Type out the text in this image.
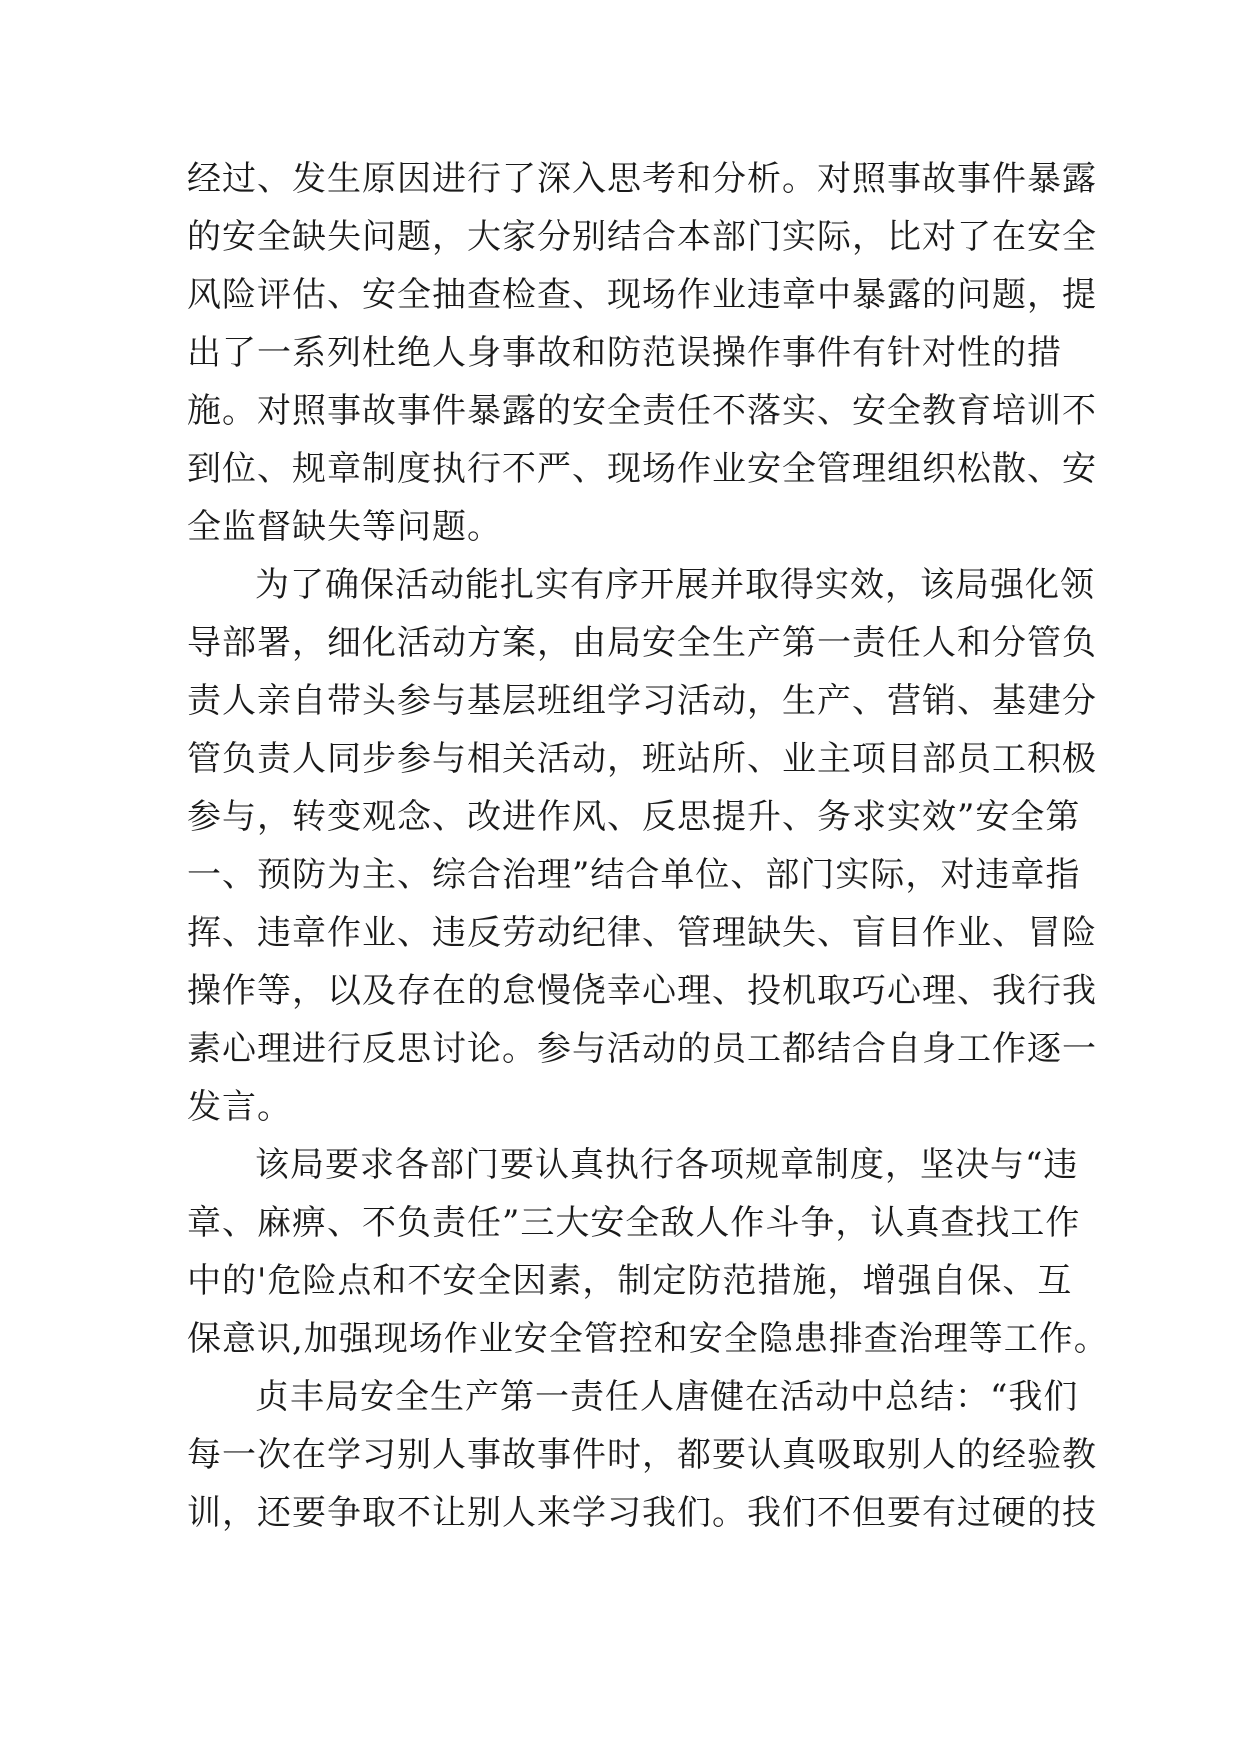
经过、发生原因进行了深入思考和分析。对照事故事件暴露
的安全缺失问题，大家分别结合本部门实际，比对了在安全
风险评估、安全抽查检查、现场作业违章中暴露的问题，提
出了一系列杜绝人身事故和防范误操作事件有针对性的措
施。对照事故事件暴露的安全责任不落实、安全教育培训不
到位、规章制度执行不严、现场作业安全管理组织松散、安
全监督缺失等问题。
为了确保活动能扎实有序开展并取得实效，该局强化领
导部署，细化活动方案，由局安全生产第一责任人和分管负
责人亲自带头参与基层班组学习活动，生产、营销、基建分
管负责人同步参与相关活动，班站所、业主项目部员工积极
参与，转变观念、改进作风、反思提升、务求实效”安全第
一、预防为主、综合治理”结合单位、部门实际，对违章指
挥、违章作业、违反劳动纪律、管理缺失、盲目作业、冒险
操作等，以及存在的怠慢侥幸心理、投机取巧心理、我行我
素心理进行反思讨论。参与活动的员工都结合自身工作逐一
发言。
该局要求各部门要认真执行各项规章制度，坚决与“违
章、麻痹、不负责任”三大安全敌人作斗争，认真查找工作
中的'危险点和不安全因素，制定防范措施，增强自保、互
保意识,加强现场作业安全管控和安全隐患排查治理等工作。
贞丰局安全生产第一责任人唐健在活动中总结：“我们
每一次在学习别人事故事件时，都要认真吸取别人的经验教
训，还要争取不让别人来学习我们。我们不但要有过硬的技
